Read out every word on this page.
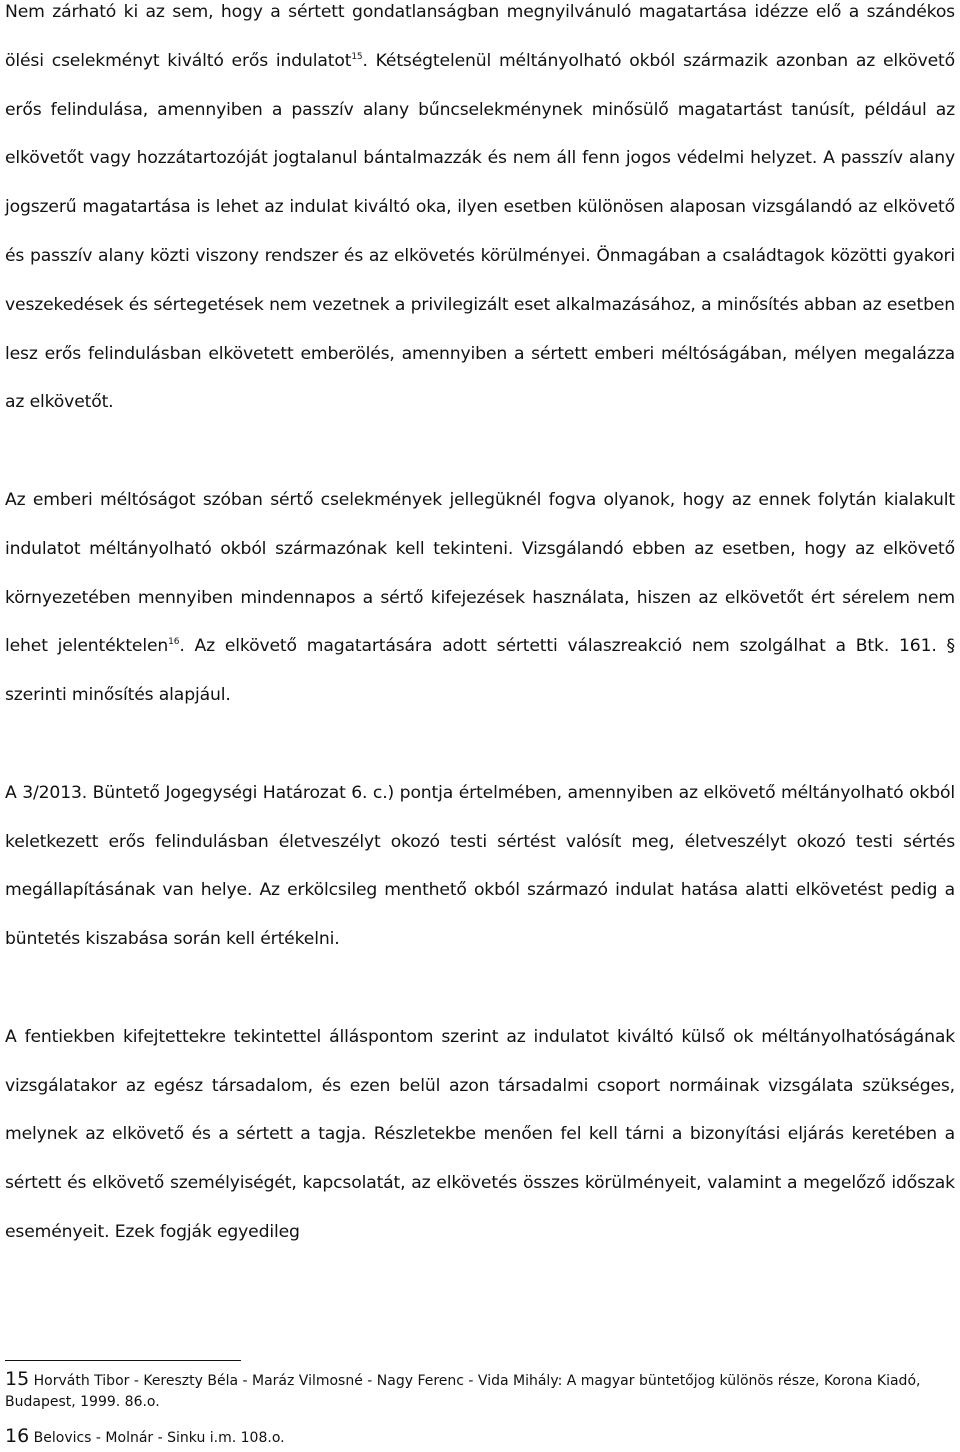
Nem zárható ki az sem, hogy a sértett gondatlanságban megnyilvánuló magatartása idézze elő a szándékos ölési cselekményt kiváltó erős indulatot$^{15}$. Kétségtelenül méltányolható okból származik azonban az elkövető erős felindulása, amennyiben a passzív alany bűncselekménynek minősülő magatartást tanúsít, például az elkövetőt vagy hozzátartozóját jogtalanul bántalmazzák és nem áll fenn jogos védelmi helyzet. A passzív alany jogszerű magatartása is lehet az indulat kiváltó oka, ilyen esetben különösen alaposan vizsgálandó az elkövető és passzív alany közti viszony rendszer és az elkövetés körülményei. Önmagában a családtagok közötti gyakori veszekedések és sértegetések nem vezetnek a privilegizált eset alkalmazásához, a minősítés abban az esetben lesz erős felindulásban elkövetett emberölés, amennyiben a sértett emberi méltóságában, mélyen megalázza az elkövetőt.

Az emberi méltóságot szóban sértő cselekmények jellegüknél fogva olyanok, hogy az ennek folytán kialakult indulatot méltányolható okból származónak kell tekinteni. Vizsgálandó ebben az esetben, hogy az elkövető környezetében mennyiben mindennapos a sértő kifejezések használata, hiszen az elkövetőt ért sérelem nem lehet jelentéktelen$^{16}$. Az elkövető magatartására adott sértetti válaszreakció nem szolgálhat a Btk. 161. § szerinti minősítés alapjául.

A 3/2013. Büntető Jogegységi Határozat 6. c.) pontja értelmében, amennyiben az elkövető méltányolható okból keletkezett erős felindulásban életveszélyt okozó testi sértést valósít meg, életveszélyt okozó testi sértés megállapításának van helye. Az erkölcsileg menthető okból származó indulat hatása alatti elkövetést pedig a büntetés kiszabása során kell értékelni.

A fentiekben kifejtettekre tekintettel álláspontom szerint az indulatot kiváltó külső ok méltányolhatóságának vizsgálatakor az egész társadalom, és ezen belül azon társadalmi csoport normáinak vizsgálata szükséges, melynek az elkövető és a sértett a tagja. Részletekbe menően fel kell tárni a bizonyítási eljárás keretében a sértett és elkövető személyiségét, kapcsolatát, az elkövetés összes körülményeit, valamint a megelőző időszak eseményeit. Ezek fogják egyedileg

15 Horváth Tibor - Kereszty Béla - Maráz Vilmosné - Nagy Ferenc - Vida Mihály: A magyar büntetőjog különös része, Korona Kiadó, Budapest, 1999. 86.o.

16 Belovics - Molnár - Sinku i.m. 108.o.
